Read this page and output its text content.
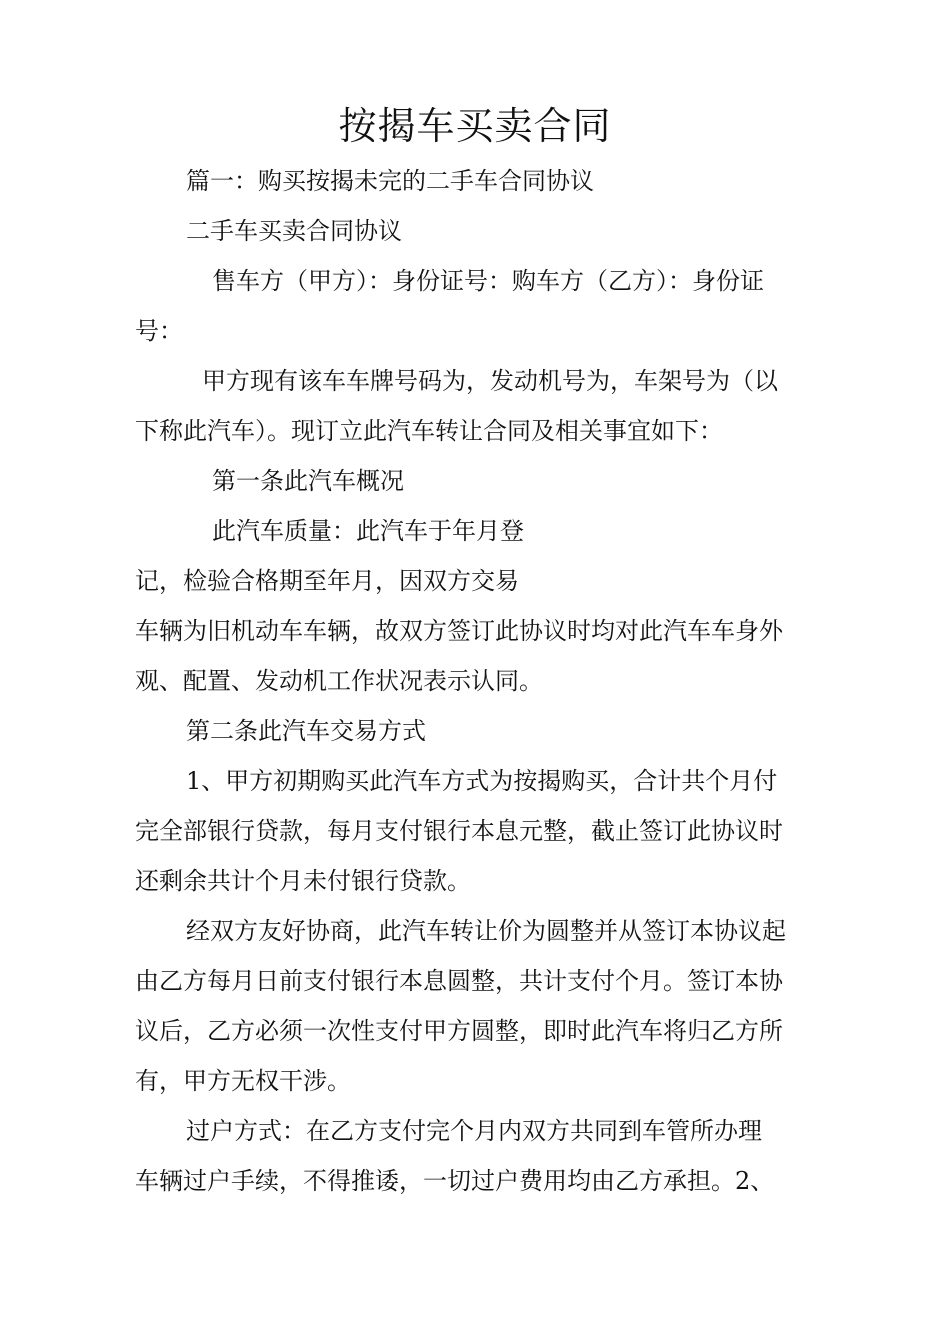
按揭车买卖合同
篇一：购买按揭未完的二手车合同协议
二手车买卖合同协议
售车方（甲方）：身份证号：购车方（乙方）：身份证
号：
甲方现有该车车牌号码为，发动机号为，车架号为（以
下称此汽车）。现订立此汽车转让合同及相关事宜如下：
第一条此汽车概况
此汽车质量：此汽车于年月登
记，检验合格期至年月，因双方交易
车辆为旧机动车车辆，故双方签订此协议时均对此汽车车身外
观、配置、发动机工作状况表示认同。
第二条此汽车交易方式
1、甲方初期购买此汽车方式为按揭购买，合计共个月付
完全部银行贷款，每月支付银行本息元整，截止签订此协议时
还剩余共计个月未付银行贷款。
经双方友好协商，此汽车转让价为圆整并从签订本协议起
由乙方每月日前支付银行本息圆整，共计支付个月。签订本协
议后，乙方必须一次性支付甲方圆整，即时此汽车将归乙方所
有，甲方无权干涉。
过户方式：在乙方支付完个月内双方共同到车管所办理
车辆过户手续，不得推诿，一切过户费用均由乙方承担。2、
